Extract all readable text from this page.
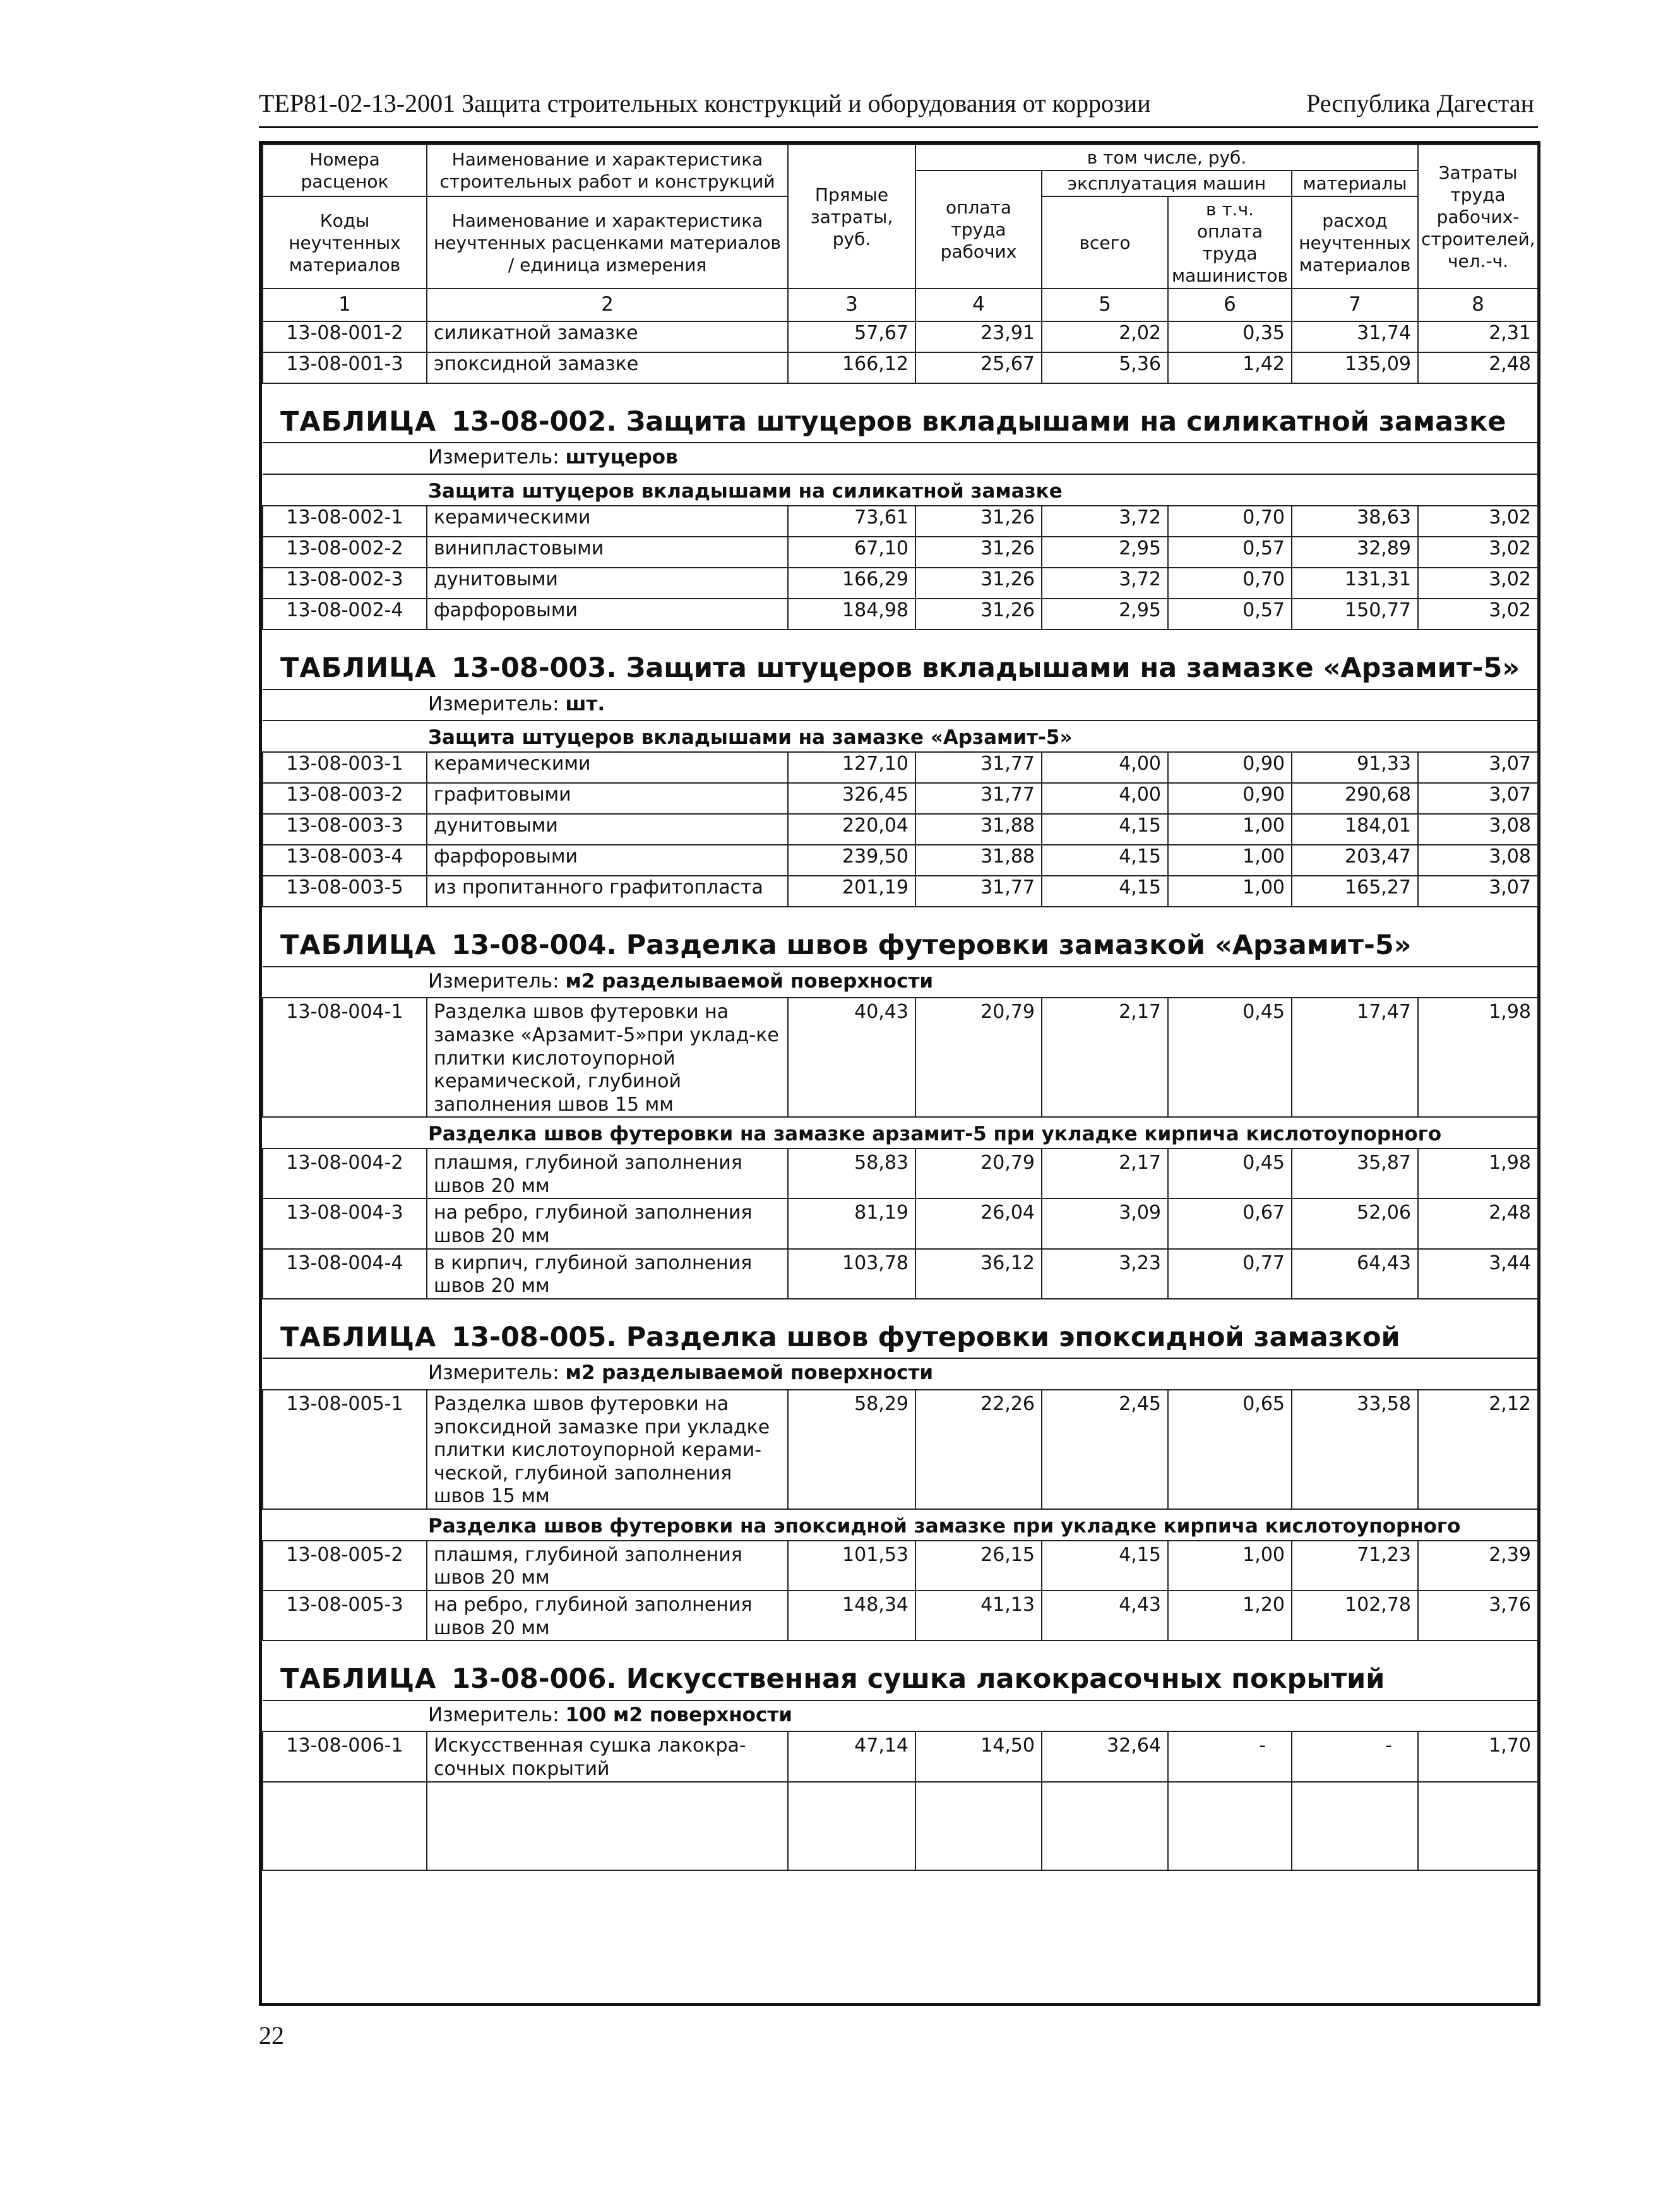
ТЕР81-02-13-2001 Защита строительных конструкций и оборудования от коррозии	Республика Дагестан
Номера расценок	Наименование и характеристика строительных работ и конструкций	Прямые затраты, руб.	в том числе, руб.				Затраты труда рабочих-строителей, чел.-ч.
			оплата труда рабочих	эксплуатация машин		материалы	
Коды неучтенных материалов	Наименование и характеристика неучтенных расценками материалов / единица измерения			всего	в т.ч. оплата труда машинистов	расход неучтенных материалов	

1	2	3	4	5	6	7	8
13-08-001-2	силикатной замазке	57,67	23,91	2,02	0,35	31,74	2,31
13-08-001-3	эпоксидной замазке	166,12	25,67	5,36	1,42	135,09	2,48

ТАБЛИЦА 13-08-002. Защита штуцеров вкладышами на силикатной замазке							

Измеритель: штуцеров							

Защита штуцеров вкладышами на силикатной замазке							
13-08-002-1	керамическими	73,61	31,26	3,72	0,70	38,63	3,02
13-08-002-2	винипластовыми	67,10	31,26	2,95	0,57	32,89	3,02
13-08-002-3	дунитовыми	166,29	31,26	3,72	0,70	131,31	3,02
13-08-002-4	фарфоровыми	184,98	31,26	2,95	0,57	150,77	3,02

ТАБЛИЦА 13-08-003. Защита штуцеров вкладышами на замазке «Арзамит-5»							

Измеритель: шт.							

Защита штуцеров вкладышами на замазке «Арзамит-5»							
13-08-003-1	керамическими	127,10	31,77	4,00	0,90	91,33	3,07
13-08-003-2	графитовыми	326,45	31,77	4,00	0,90	290,68	3,07
13-08-003-3	дунитовыми	220,04	31,88	4,15	1,00	184,01	3,08
13-08-003-4	фарфоровыми	239,50	31,88	4,15	1,00	203,47	3,08
13-08-003-5	из пропитанного графитопласта	201,19	31,77	4,15	1,00	165,27	3,07

ТАБЛИЦА 13-08-004. Разделка швов футеровки замазкой «Арзамит-5»							

Измеритель: м2 разделываемой поверхности							

13-08-004-1	Разделка швов футеровки на замазке «Арзамит-5»при уклад-ке плитки кислотоупорной керамической, глубиной заполнения швов 15 мм	40,43	20,79	2,17	0,45	17,47	1,98
Разделка швов футеровки на замазке арзамит-5 при укладке кирпича кислотоупорного							
13-08-004-2	плашмя, глубиной заполнения швов 20 мм	58,83	20,79	2,17	0,45	35,87	1,98
13-08-004-3	на ребро, глубиной заполнения швов 20 мм	81,19	26,04	3,09	0,67	52,06	2,48
13-08-004-4	в кирпич, глубиной заполнения швов 20 мм	103,78	36,12	3,23	0,77	64,43	3,44

ТАБЛИЦА 13-08-005. Разделка швов футеровки эпоксидной замазкой							

Измеритель: м2 разделываемой поверхности							

13-08-005-1	Разделка швов футеровки на эпоксидной замазке при укладке плитки кислотоупорной керами-ческой, глубиной заполнения швов 15 мм	58,29	22,26	2,45	0,65	33,58	2,12
Разделка швов футеровки на эпоксидной замазке при укладке кирпича кислотоупорного							
13-08-005-2	плашмя, глубиной заполнения швов 20 мм	101,53	26,15	4,15	1,00	71,23	2,39
13-08-005-3	на ребро, глубиной заполнения швов 20 мм	148,34	41,13	4,43	1,20	102,78	3,76

ТАБЛИЦА 13-08-006. Искусственная сушка лакокрасочных покрытий							

Измеритель: 100 м2 поверхности							

13-08-006-1	Искусственная сушка лакокра-сочных покрытий	47,14	14,50	32,64	-	-	1,70

22
